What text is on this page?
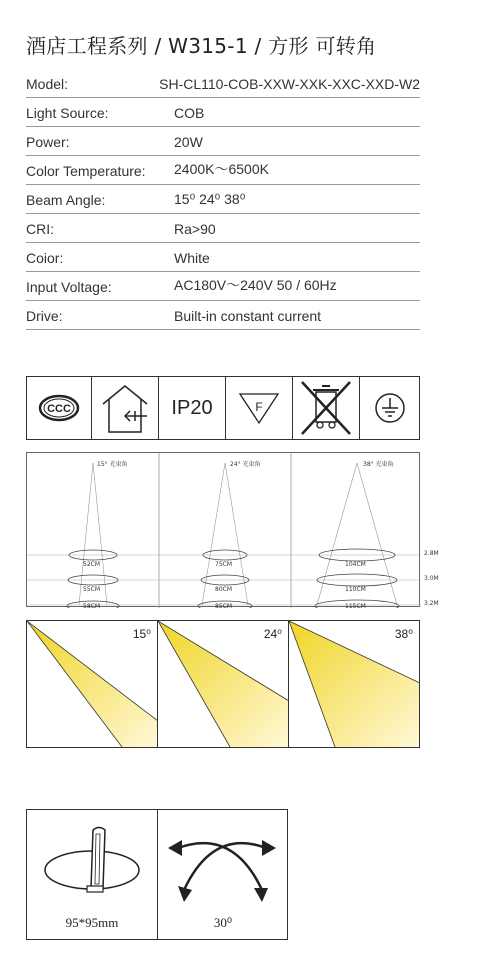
酒店工程系列 / W315-1 / 方形 可转角
Model:	SH-CL110-COB-XXW-XXK-XXC-XXD-W2
Light Source:	COB
Power:	20W
Color Temperature:	2400K～6500K
Beam Angle:	15⁰ 24⁰ 38⁰
CRI:	Ra>90
Coior:	White
Input Voltage:	AC180V～240V 50 / 60Hz
Drive:	Built-in constant current
CCC	IP20	F
15° 光束角	24° 光束角	38° 光束角
52CM
55CM
58CM
75CM
80CM
85CM
104CM
110CM
115CM
2.8M
3.0M
3.2M
15⁰	24⁰	38⁰
95*95mm	30⁰
